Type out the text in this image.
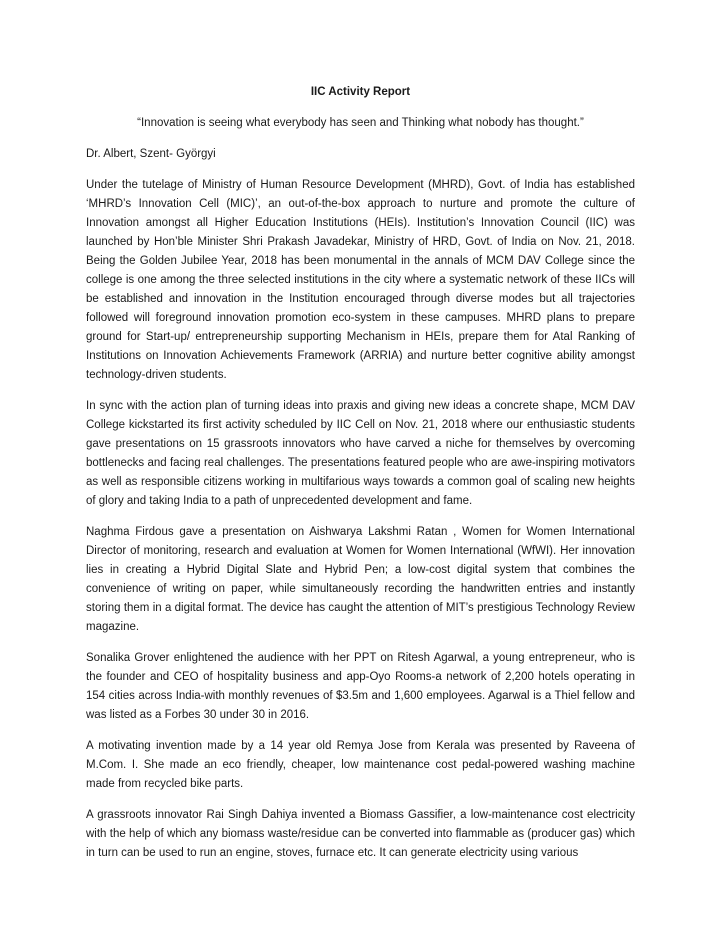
IIC Activity Report
“Innovation is seeing what everybody has seen and Thinking what nobody has thought.”
Dr. Albert, Szent- Györgyi

Under the tutelage of Ministry of Human Resource Development (MHRD), Govt. of India has established ‘MHRD’s Innovation Cell (MIC)’, an out-of-the-box approach to nurture and promote the culture of Innovation amongst all Higher Education Institutions (HEIs). Institution’s Innovation Council (IIC) was launched by Hon’ble Minister Shri Prakash Javadekar, Ministry of HRD, Govt. of India on Nov. 21, 2018. Being the Golden Jubilee Year, 2018 has been monumental in the annals of MCM DAV College since the college is one among the three selected institutions in the city where a systematic network of these IICs will be established and innovation in the Institution encouraged through diverse modes but all trajectories followed will foreground innovation promotion eco-system in these campuses. MHRD plans to prepare ground for Start-up/ entrepreneurship supporting Mechanism in HEIs, prepare them for Atal Ranking of Institutions on Innovation Achievements Framework (ARRIA) and nurture better cognitive ability amongst technology-driven students.

In sync with the action plan of turning ideas into praxis and giving new ideas a concrete shape, MCM DAV College kickstarted its first activity scheduled by IIC Cell on Nov. 21, 2018 where our enthusiastic students gave presentations on 15 grassroots innovators who have carved a niche for themselves by overcoming bottlenecks and facing real challenges. The presentations featured people who are awe-inspiring motivators as well as responsible citizens working in multifarious ways towards a common goal of scaling new heights of glory and taking India to a path of unprecedented development and fame.

Naghma Firdous gave a presentation on Aishwarya Lakshmi Ratan , Women for Women International Director of monitoring, research and evaluation at Women for Women International (WfWI). Her innovation lies in creating a Hybrid Digital Slate and Hybrid Pen; a low-cost digital system that combines the convenience of writing on paper, while simultaneously recording the handwritten entries and instantly storing them in a digital format. The device has caught the attention of MIT’s prestigious Technology Review magazine.

Sonalika Grover enlightened the audience with her PPT on Ritesh Agarwal, a young entrepreneur, who is the founder and CEO of hospitality business and app-Oyo Rooms-a network of 2,200 hotels operating in 154 cities across India-with monthly revenues of $3.5m and 1,600 employees. Agarwal is a Thiel fellow and was listed as a Forbes 30 under 30 in 2016.

A motivating invention made by a 14 year old Remya Jose from Kerala was presented by Raveena of M.Com. I. She made an eco friendly, cheaper, low maintenance cost pedal-powered washing machine made from recycled bike parts.

A grassroots innovator Rai Singh Dahiya invented a Biomass Gassifier, a low-maintenance cost electricity with the help of which any biomass waste/residue can be converted into flammable as (producer gas) which in turn can be used to run an engine, stoves, furnace etc. It can generate electricity using various
